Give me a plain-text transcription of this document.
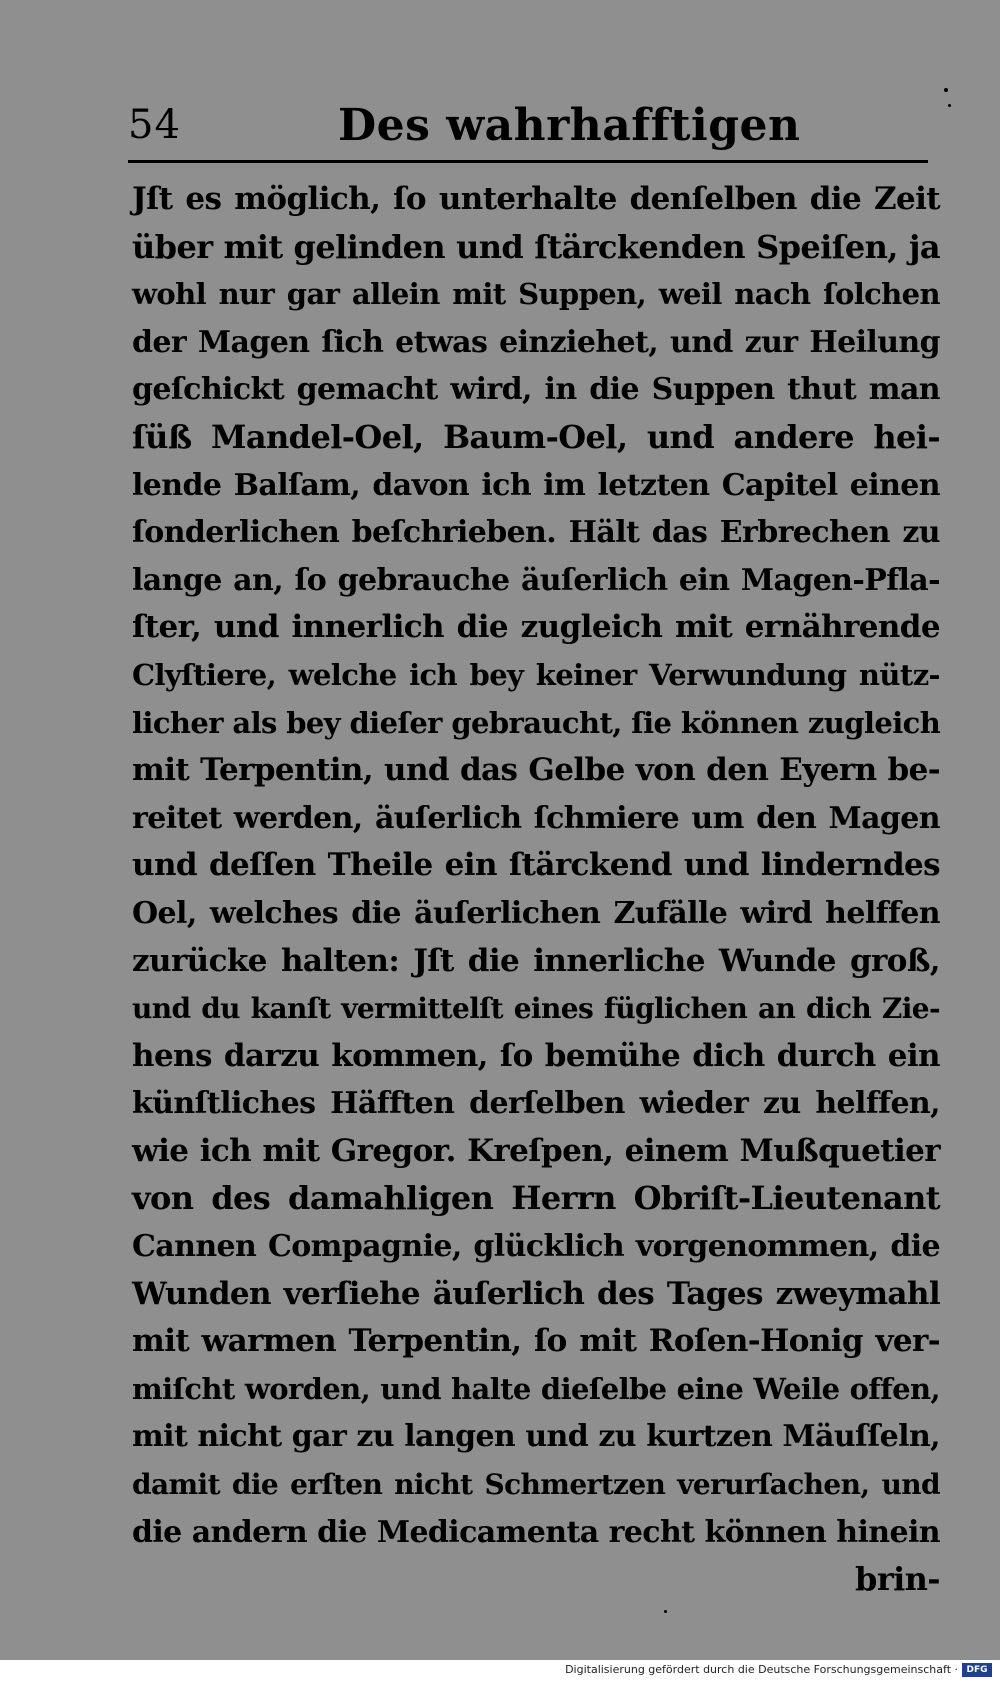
54	Des wahrhafftigen
Jſt es möglich, ſo unterhalte denſelben die Zeit
über mit gelinden und ſtärckenden Speiſen, ja
wohl nur gar allein mit Suppen, weil nach ſolchen
der Magen ſich etwas einziehet, und zur Heilung
geſchickt gemacht wird, in die Suppen thut man
ſüß Mandel-Oel, Baum-Oel, und andere hei-
lende Balſam, davon ich im letzten Capitel einen
ſonderlichen beſchrieben. Hält das Erbrechen zu
lange an, ſo gebrauche äuſerlich ein Magen-Pfla-
ſter, und innerlich die zugleich mit ernährende
Clyſtiere, welche ich bey keiner Verwundung nütz-
licher als bey dieſer gebraucht, ſie können zugleich
mit Terpentin, und das Gelbe von den Eyern be-
reitet werden, äuſerlich ſchmiere um den Magen
und deſſen Theile ein ſtärckend und linderndes
Oel, welches die äuſerlichen Zufälle wird helffen
zurücke halten: Jſt die innerliche Wunde groß,
und du kanſt vermittelſt eines füglichen an dich Zie-
hens darzu kommen, ſo bemühe dich durch ein
künſtliches Häfften derſelben wieder zu helffen,
wie ich mit Gregor. Kreſpen, einem Mußquetier
von des damahligen Herrn Obriſt-Lieutenant
Cannen Compagnie, glücklich vorgenommen, die
Wunden verſiehe äuſerlich des Tages zweymahl
mit warmen Terpentin, ſo mit Roſen-Honig ver-
miſcht worden, und halte dieſelbe eine Weile offen,
mit nicht gar zu langen und zu kurtzen Mäuſſeln,
damit die erſten nicht Schmertzen verurſachen, und
die andern die Medicamenta recht können hinein
brin-
Digitalisierung gefördert durch die Deutsche Forschungsgemeinschaft · DFG
